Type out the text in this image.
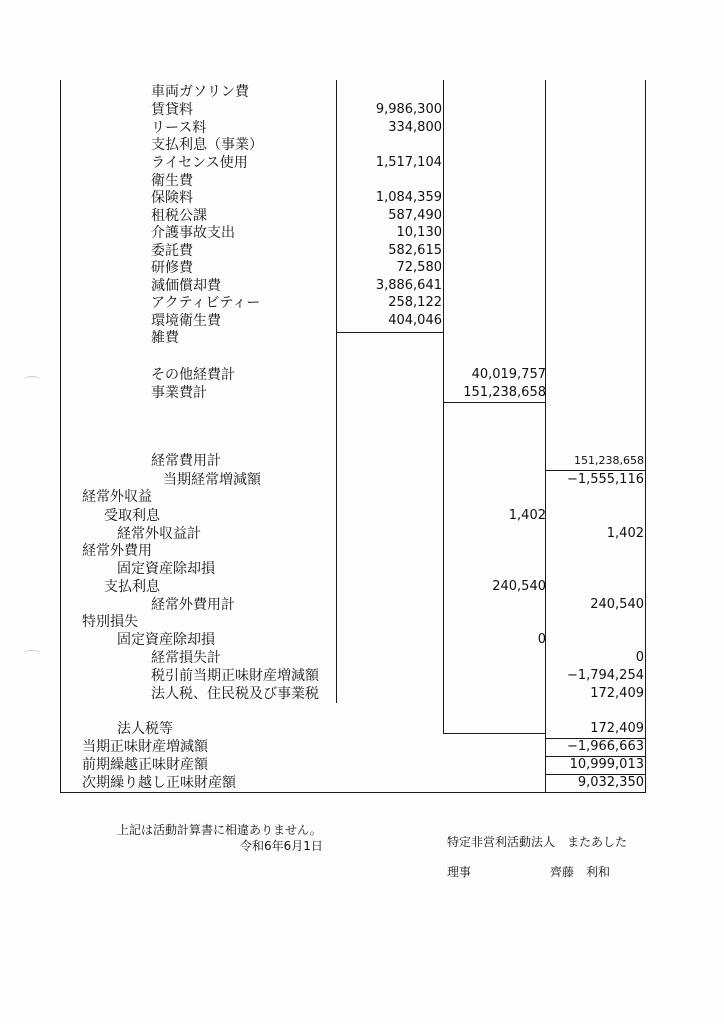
車両ガソリン費
賃貸料	9,986,300
リース料	334,800
支払利息（事業）
ライセンス使用	1,517,104
衛生費
保険料	1,084,359
租税公課	587,490
介護事故支出	10,130
委託費	582,615
研修費	72,580
減価償却費	3,886,641
アクティビティー	258,122
環境衛生費	404,046
雑費
その他経費計	40,019,757
事業費計	151,238,658
経常費用計	151,238,658
当期経常増減額	−1,555,116
経常外収益
受取利息	1,402
経常外収益計	1,402
経常外費用
固定資産除却損
支払利息	240,540
経常外費用計	240,540
特別損失
固定資産除却損	0
経常損失計	0
税引前当期正味財産増減額	−1,794,254
法人税、住民税及び事業税	172,409
法人税等	172,409
当期正味財産増減額	−1,966,663
前期繰越正味財産額	10,999,013
次期繰り越し正味財産額	9,032,350
上記は活動計算書に相違ありません。
令和6年6月1日	特定非営利活動法人　またあした
理事	齊藤　利和
